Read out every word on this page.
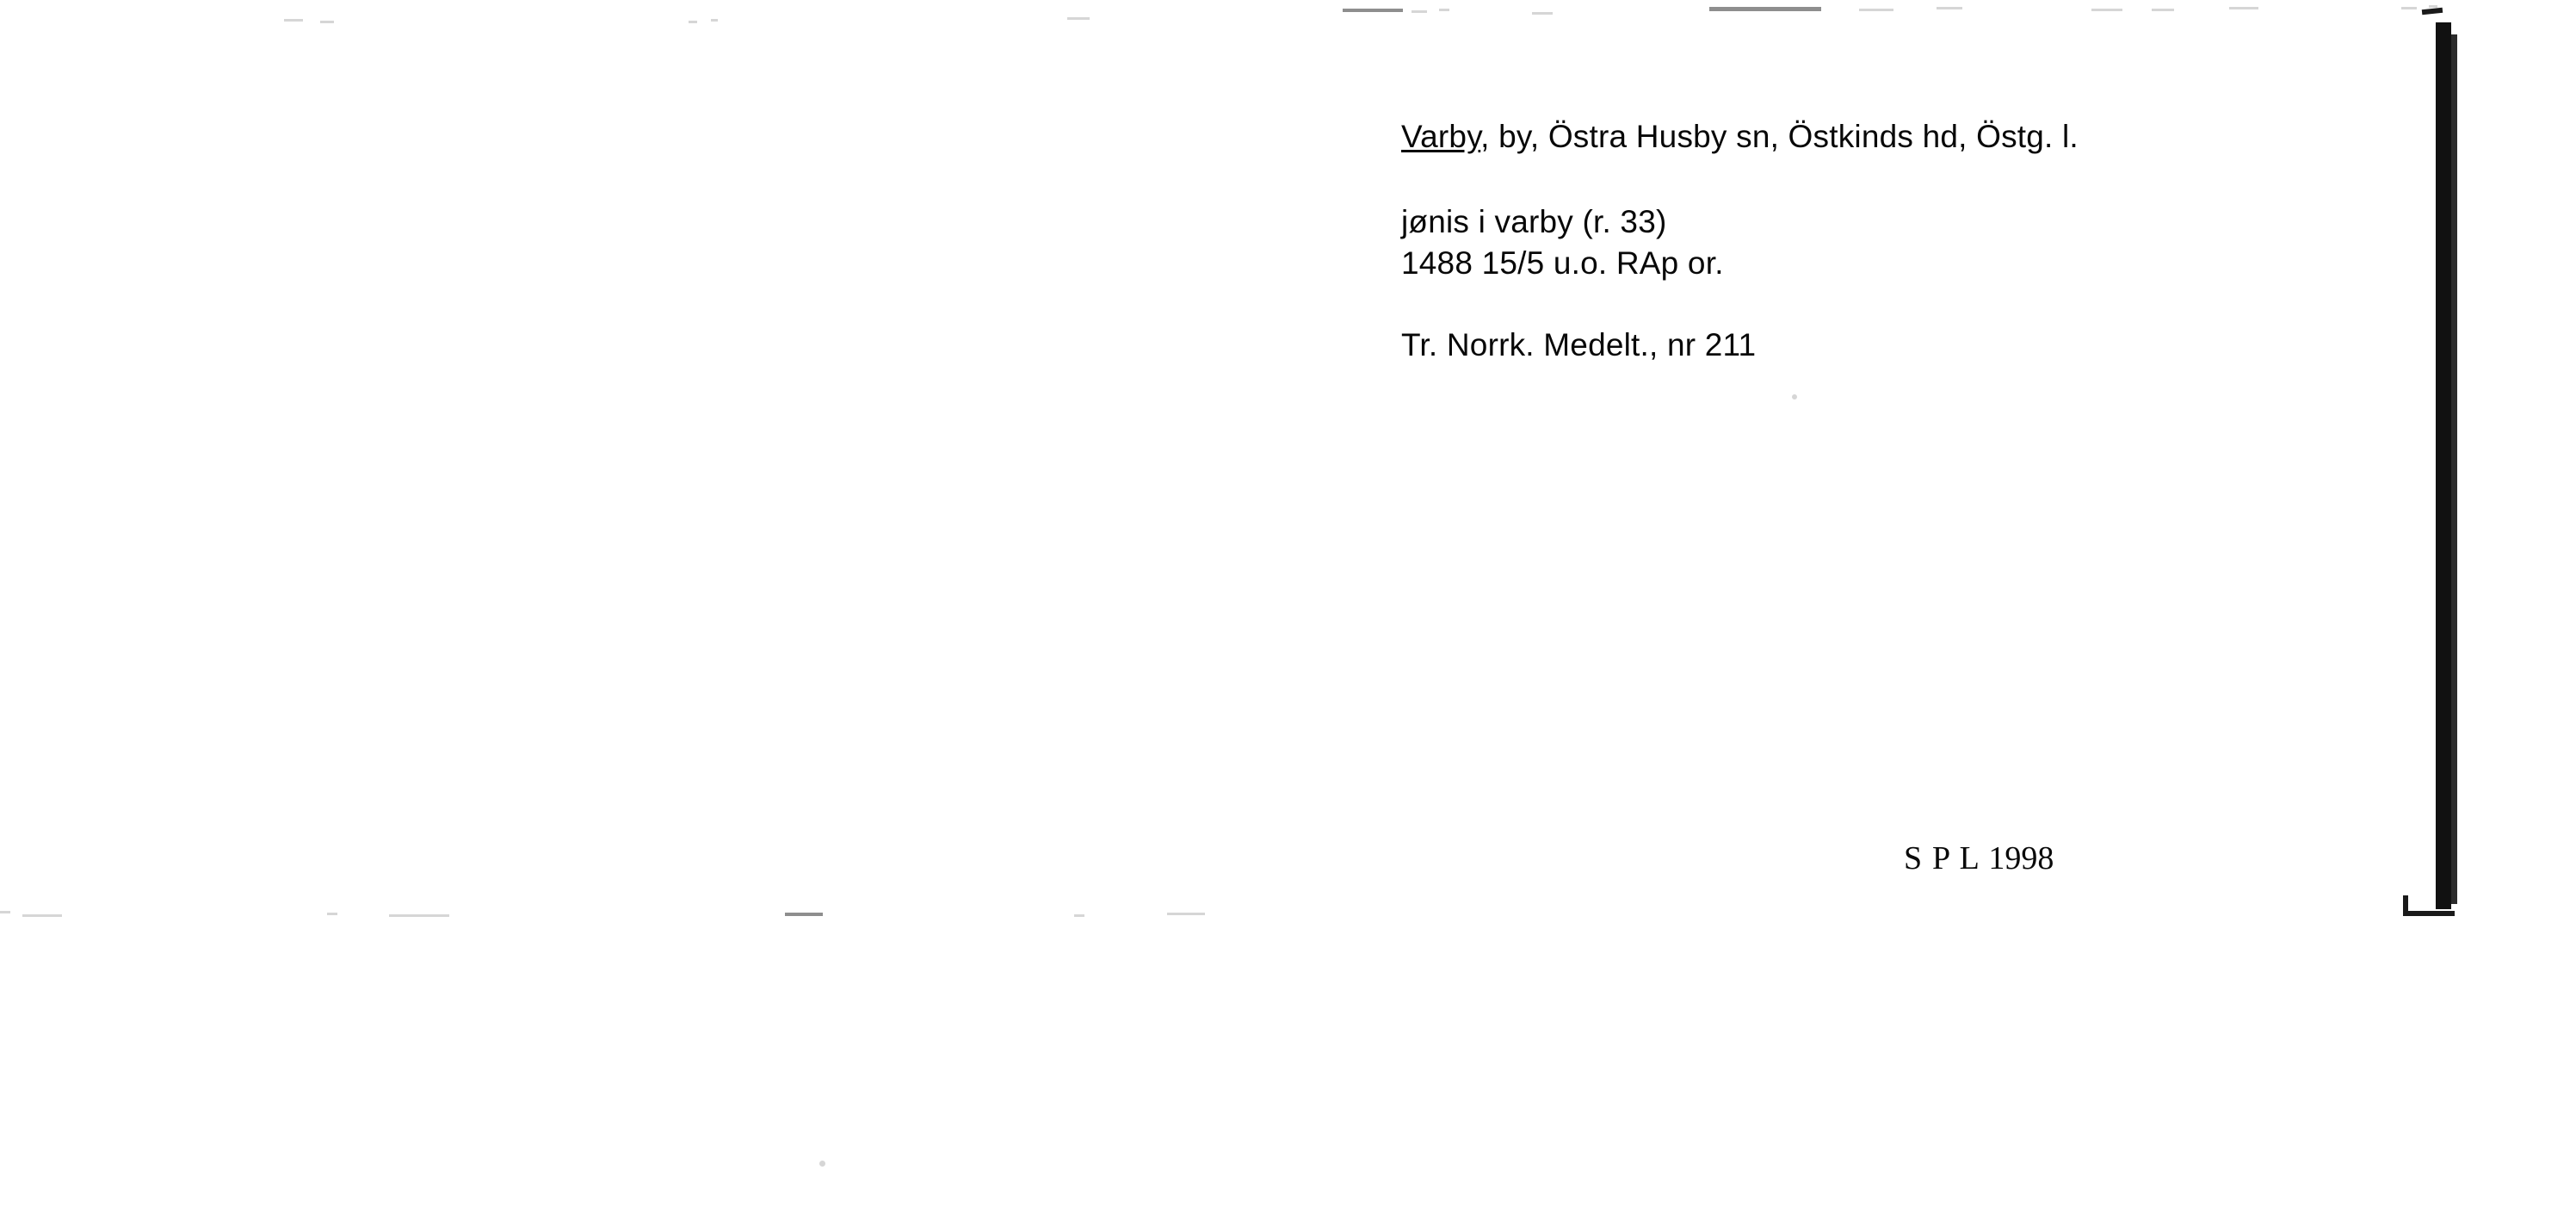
Varby, by, Östra Husby sn, Östkinds hd, Östg. l.
jønis i varby (r. 33)
1488 15/5 u.o. RAp or.
Tr. Norrk. Medelt., nr 211
S P L 1998
